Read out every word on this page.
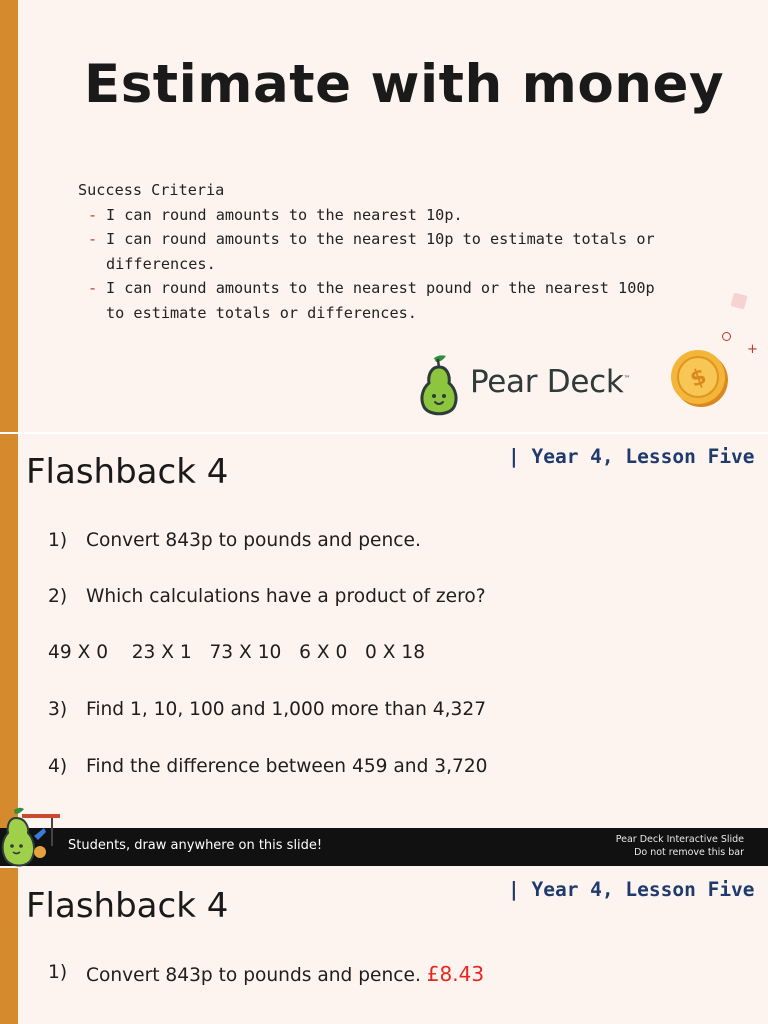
Estimate with money
Success Criteria
- I can round amounts to the nearest 10p.
- I can round amounts to the nearest 10p to estimate totals or differences.
- I can round amounts to the nearest pound or the nearest 100p to estimate totals or differences.
+
Pear Deck™	$
Flashback 4	| Year 4, Lesson Five
1) Convert 843p to pounds and pence.
2) Which calculations have a product of zero?
49 X 0    23 X 1   73 X 10   6 X 0   0 X 18
3) Find 1, 10, 100 and 1,000 more than 4,327
4) Find the difference between 459 and 3,720
Students, draw anywhere on this slide!	Pear Deck Interactive Slide
Do not remove this bar
Flashback 4	| Year 4, Lesson Five
1) Convert 843p to pounds and pence. £8.43
